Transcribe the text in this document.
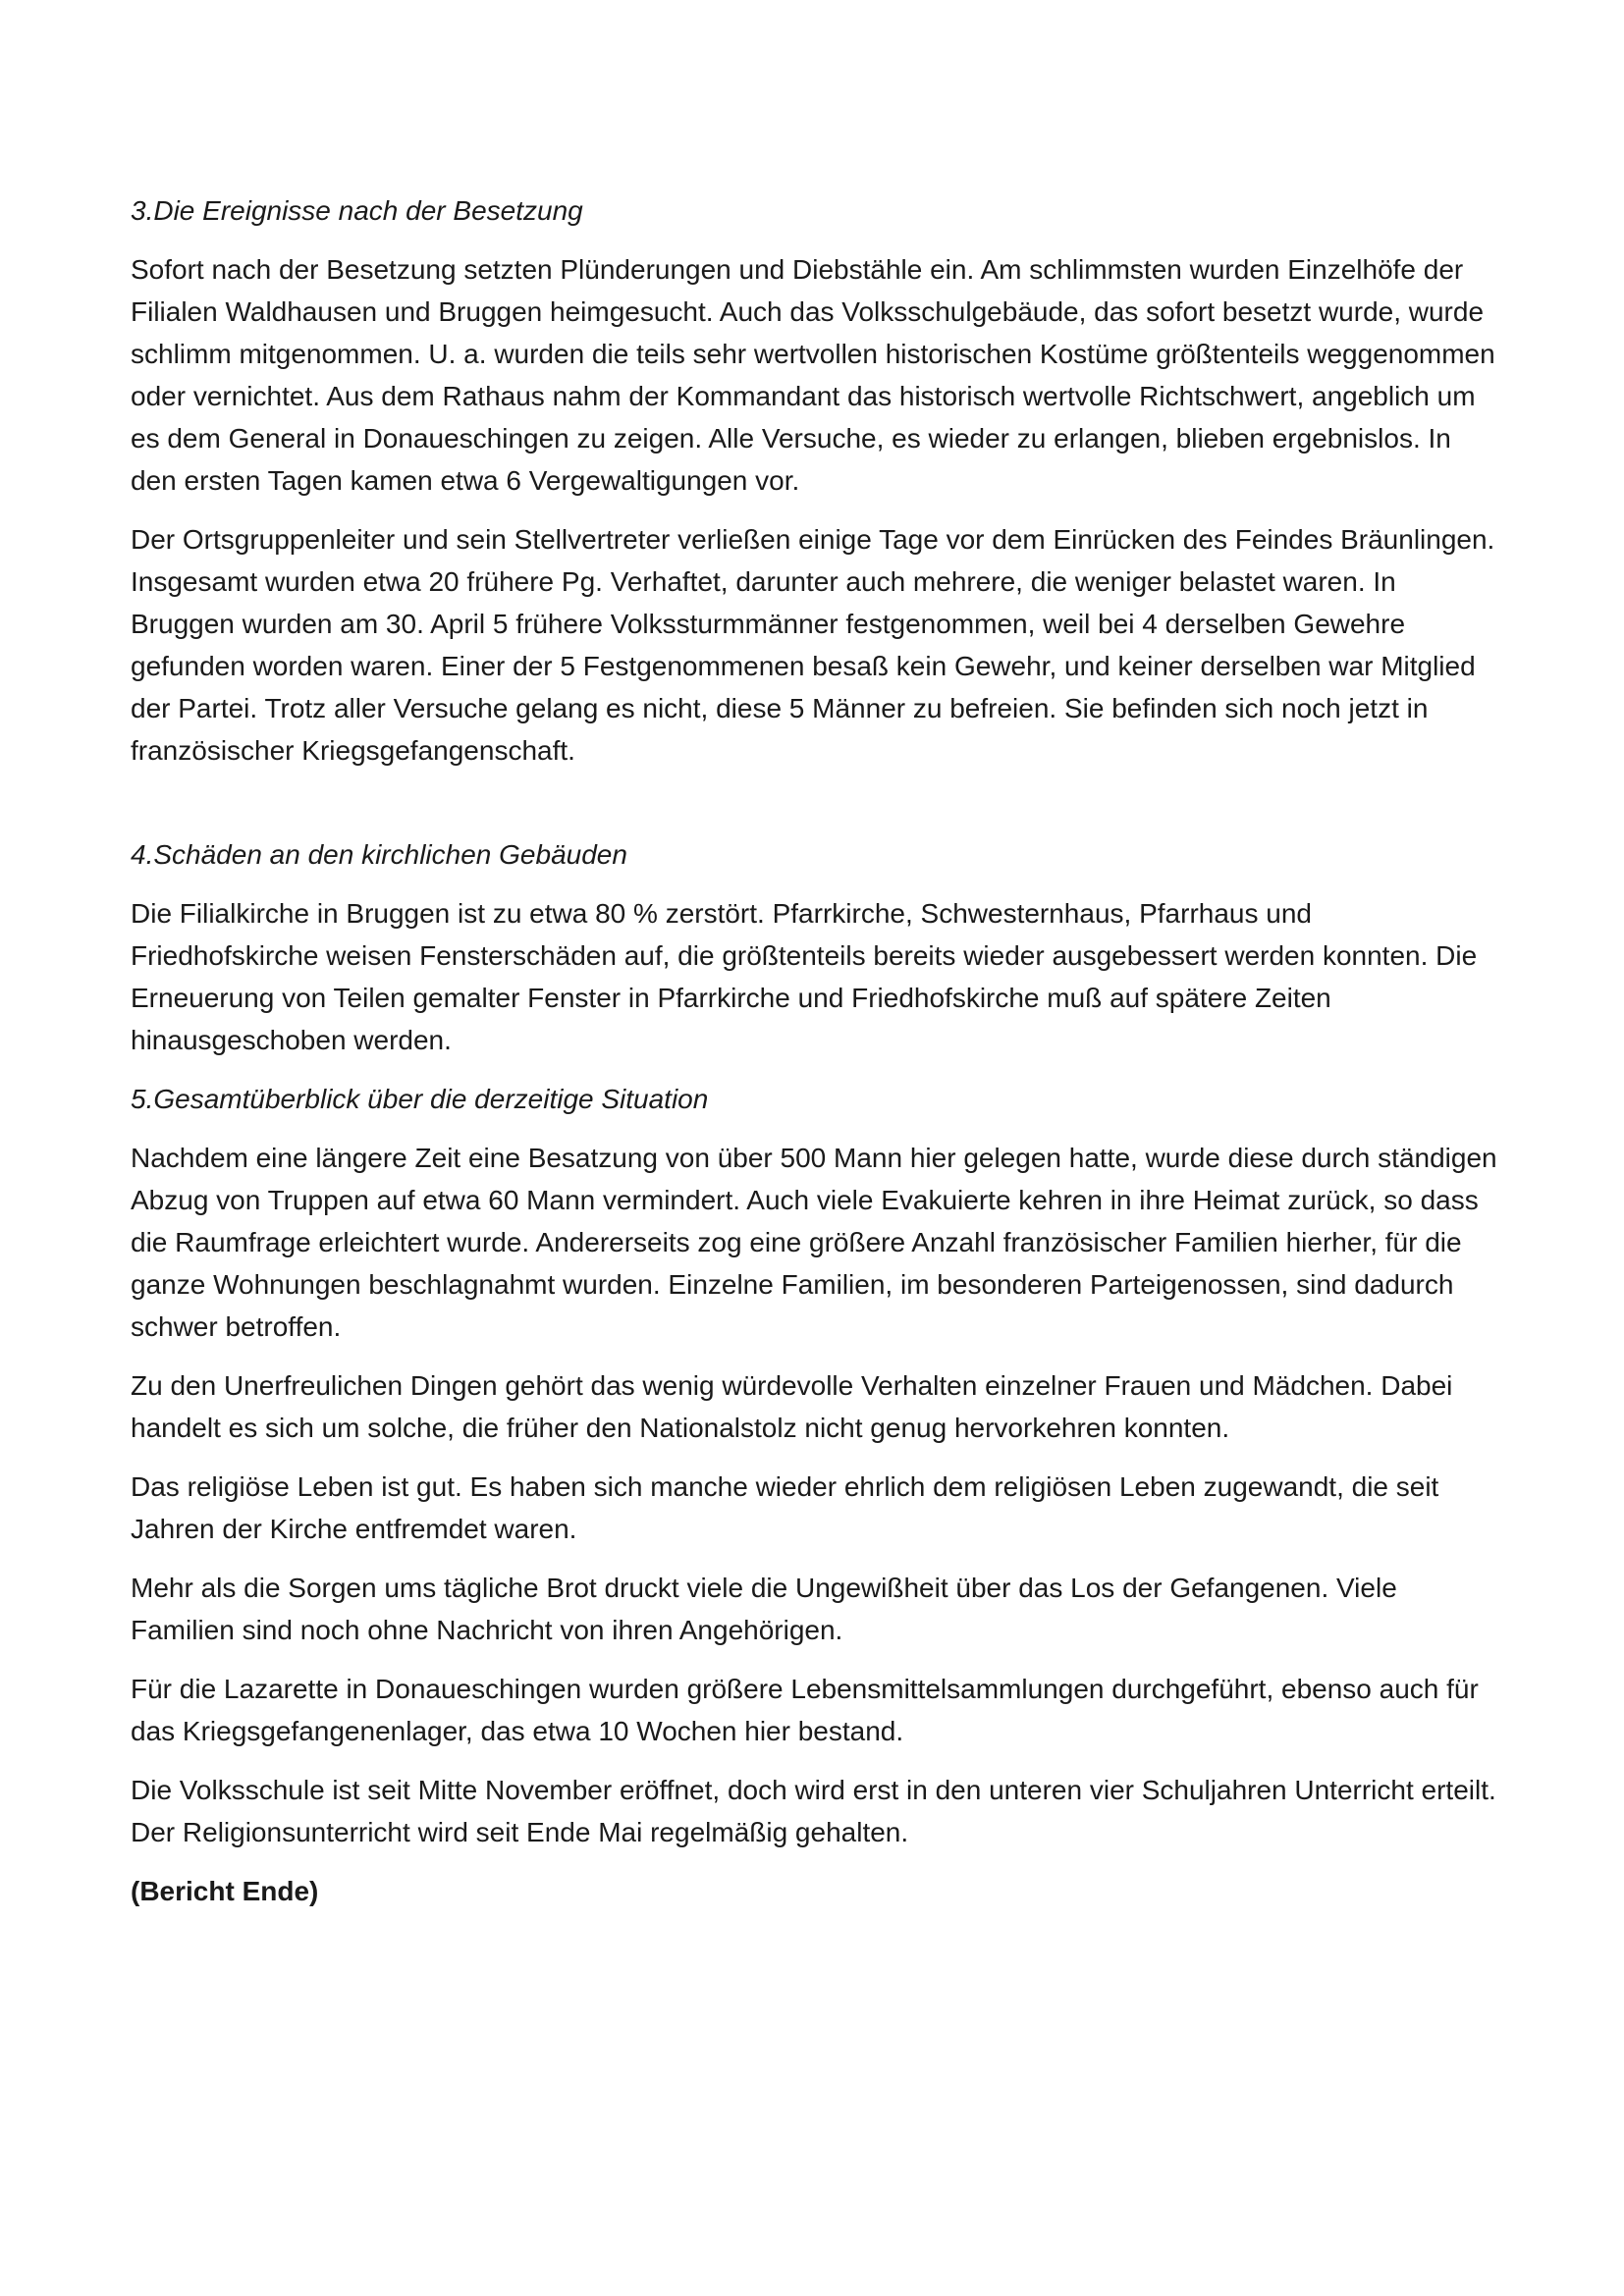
3.Die Ereignisse nach der Besetzung

Sofort nach der Besetzung setzten Plünderungen und Diebstähle ein. Am schlimmsten wurden Einzelhöfe der Filialen Waldhausen und Bruggen heimgesucht. Auch das Volksschulgebäude, das sofort besetzt wurde, wurde schlimm mitgenommen. U. a. wurden die teils sehr wertvollen historischen Kostüme größtenteils weggenommen oder vernichtet. Aus dem Rathaus nahm der Kommandant das historisch wertvolle Richtschwert, angeblich um es dem General in Donaueschingen zu zeigen. Alle Versuche, es wieder zu erlangen, blieben ergebnislos. In den ersten Tagen kamen etwa 6 Vergewaltigungen vor.

Der Ortsgruppenleiter und sein Stellvertreter verließen einige Tage vor dem Einrücken des Feindes Bräunlingen. Insgesamt wurden etwa 20 frühere Pg. Verhaftet, darunter auch mehrere, die weniger belastet waren. In Bruggen wurden am 30. April 5 frühere Volkssturmmänner festgenommen, weil bei 4 derselben Gewehre gefunden worden waren. Einer der 5 Festgenommenen besaß kein Gewehr, und keiner derselben war Mitglied der Partei. Trotz aller Versuche gelang es nicht, diese 5 Männer zu befreien. Sie befinden sich noch jetzt in französischer Kriegsgefangenschaft.

4.Schäden an den kirchlichen Gebäuden

Die Filialkirche in Bruggen ist zu etwa 80 % zerstört. Pfarrkirche, Schwesternhaus, Pfarrhaus und Friedhofskirche weisen Fensterschäden auf, die größtenteils bereits wieder ausgebessert werden konnten. Die Erneuerung von Teilen gemalter Fenster in Pfarrkirche und Friedhofskirche muß auf spätere Zeiten hinausgeschoben werden.

5.Gesamtüberblick über die derzeitige Situation

Nachdem eine längere Zeit eine Besatzung von über 500 Mann hier gelegen hatte, wurde diese durch ständigen Abzug von Truppen auf etwa 60 Mann vermindert. Auch viele Evakuierte kehren in ihre Heimat zurück, so dass die Raumfrage erleichtert wurde. Andererseits zog eine größere Anzahl französischer Familien hierher, für die ganze Wohnungen beschlagnahmt wurden. Einzelne Familien, im besonderen Parteigenossen, sind dadurch schwer betroffen.

Zu den Unerfreulichen Dingen gehört das wenig würdevolle Verhalten einzelner Frauen und Mädchen. Dabei handelt es sich um solche, die früher den Nationalstolz nicht genug hervorkehren konnten.

Das religiöse Leben ist gut. Es haben sich manche wieder ehrlich dem religiösen Leben zugewandt, die seit Jahren der Kirche entfremdet waren.

Mehr als die Sorgen ums tägliche Brot druckt viele die Ungewißheit über das Los der Gefangenen. Viele Familien sind noch ohne Nachricht von ihren Angehörigen.

Für die Lazarette in Donaueschingen wurden größere Lebensmittelsammlungen durchgeführt, ebenso auch für das Kriegsgefangenenlager, das etwa 10 Wochen hier bestand.

Die Volksschule ist seit Mitte November eröffnet, doch wird erst in den unteren vier Schuljahren Unterricht erteilt. Der Religionsunterricht wird seit Ende Mai regelmäßig gehalten.

(Bericht Ende)
